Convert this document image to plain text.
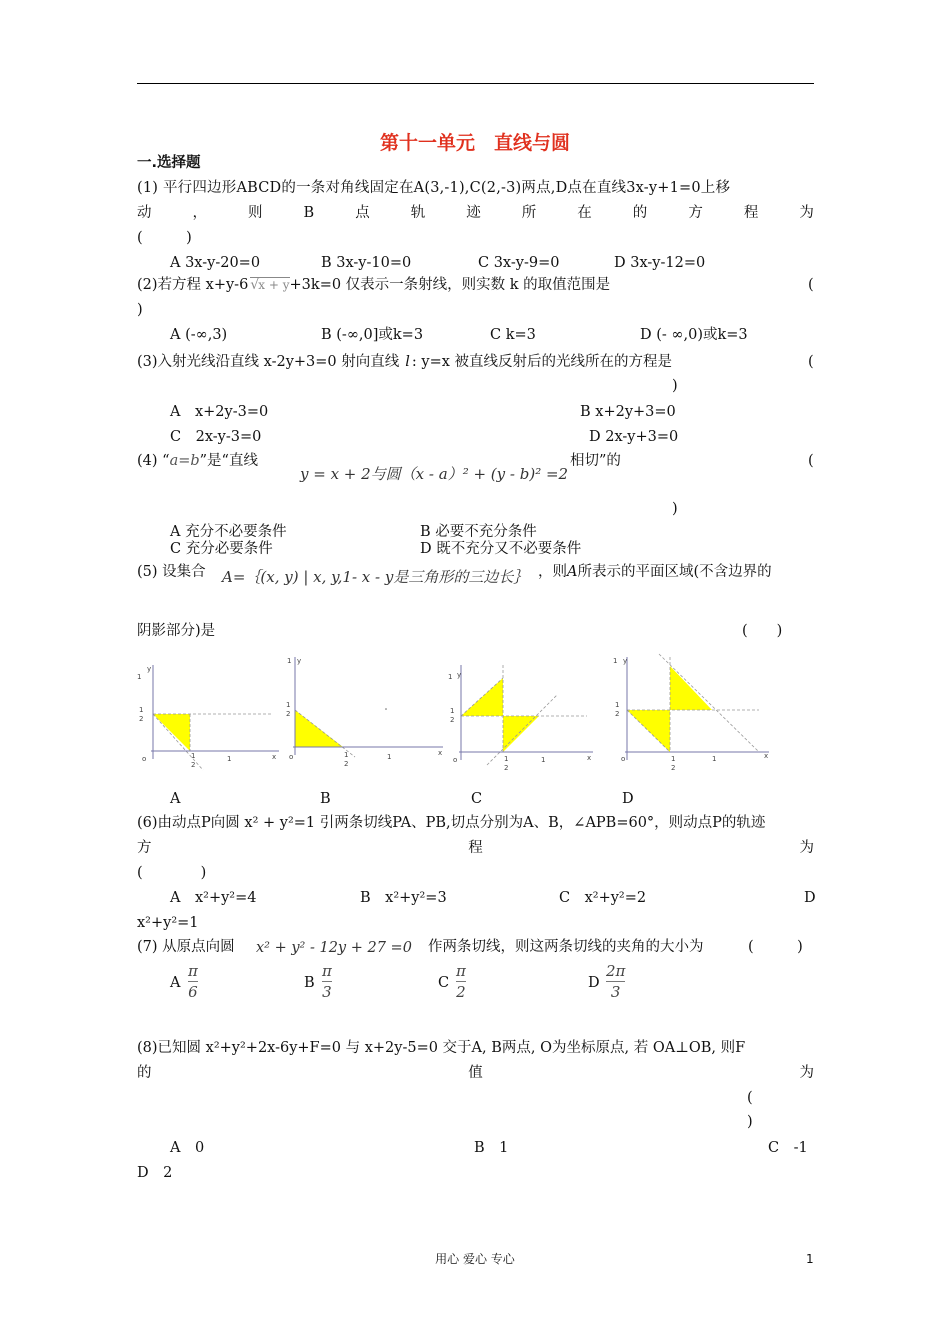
第十一单元　直线与圆
一.选择题
(1) 平行四边形ABCD的一条对角线固定在A(3,-1),C(2,-3)两点,D点在直线3x-y+1=0上移
动	，	则	B	点	轨	迹	所	在	的	方	程	为
(　　　)
A 3x-y-20=0	B 3x-y-10=0	C 3x-y-9=0	D 3x-y-12=0
(2)若方程 x+y-6 √ x + y+3k=0 仅表示一条射线，则实数 k 的取值范围是	(
)
A (-∞,3)	B (-∞,0]或k=3	C k=3	D (- ∞,0)或k=3
(3)入射光线沿直线 x-2y+3=0 射向直线 l : y=x 被直线反射后的光线所在的方程是	(
)
A　x+2y-3=0	B x+2y+3=0
C　2x-y-3=0	D 2x-y+3=0
(4) “a=b”是“直线
y = x + 2与圆（x - a）² + (y - b)² =2
相切”的	(
)
A 充分不必要条件	B 必要不充分条件
C 充分必要条件	D 既不充分又不必要条件
(5) 设集合 A=｛(x, y) | x, y,1- x - y是三角形的三边长｝ ，则A所表示的平面区域(不含边界的
阴影部分)是	(　　)
x
y
1
o	1
1
2
1
2
x
y
1
o	1
1
2
1
2
x
y
1
o	1
1
2
1
2
x
y
1
o	1
1
2
1
2
A	B	C	D
(6)由动点P向圆 x² + y²=1 引两条切线PA、PB,切点分别为A、B，∠APB=60°，则动点P的轨迹
方	程	为
(　　　　)
A　x²+y²=4	B　x²+y²=3	C　x²+y²=2	D
x²+y²=1
(7) 从原点向圆 x² + y² - 12y + 27 =0 作两条切线，则这两条切线的夹角的大小为	(　　　)
A
π
6	B
π
3	C
π
2	D
2π
3
(8)已知圆 x²+y²+2x-6y+F=0 与 x+2y-5=0 交于A, B两点, O为坐标原点, 若 OA⊥OB, 则F
的	值	为
(
)
A　0	B　1	C　-1
D　2
用心 爱心 专心	1
